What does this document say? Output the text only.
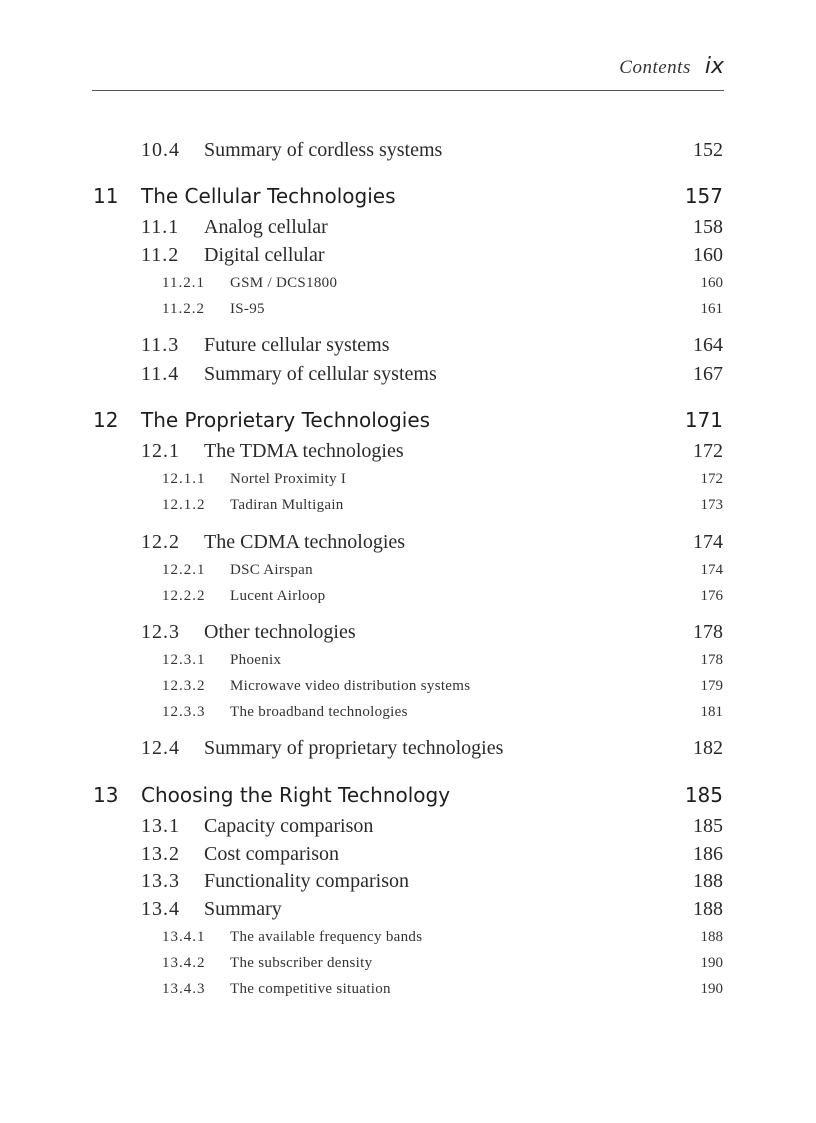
Contents ix
10.4 Summary of cordless systems	152
11 The Cellular Technologies	157
11.1 Analog cellular	158
11.2 Digital cellular	160
11.2.1 GSM / DCS1800	160
11.2.2 IS-95	161
11.3 Future cellular systems	164
11.4 Summary of cellular systems	167
12 The Proprietary Technologies	171
12.1 The TDMA technologies	172
12.1.1 Nortel Proximity I	172
12.1.2 Tadiran Multigain	173
12.2 The CDMA technologies	174
12.2.1 DSC Airspan	174
12.2.2 Lucent Airloop	176
12.3 Other technologies	178
12.3.1 Phoenix	178
12.3.2 Microwave video distribution systems	179
12.3.3 The broadband technologies	181
12.4 Summary of proprietary technologies	182
13 Choosing the Right Technology	185
13.1 Capacity comparison	185
13.2 Cost comparison	186
13.3 Functionality comparison	188
13.4 Summary	188
13.4.1 The available frequency bands	188
13.4.2 The subscriber density	190
13.4.3 The competitive situation	190
